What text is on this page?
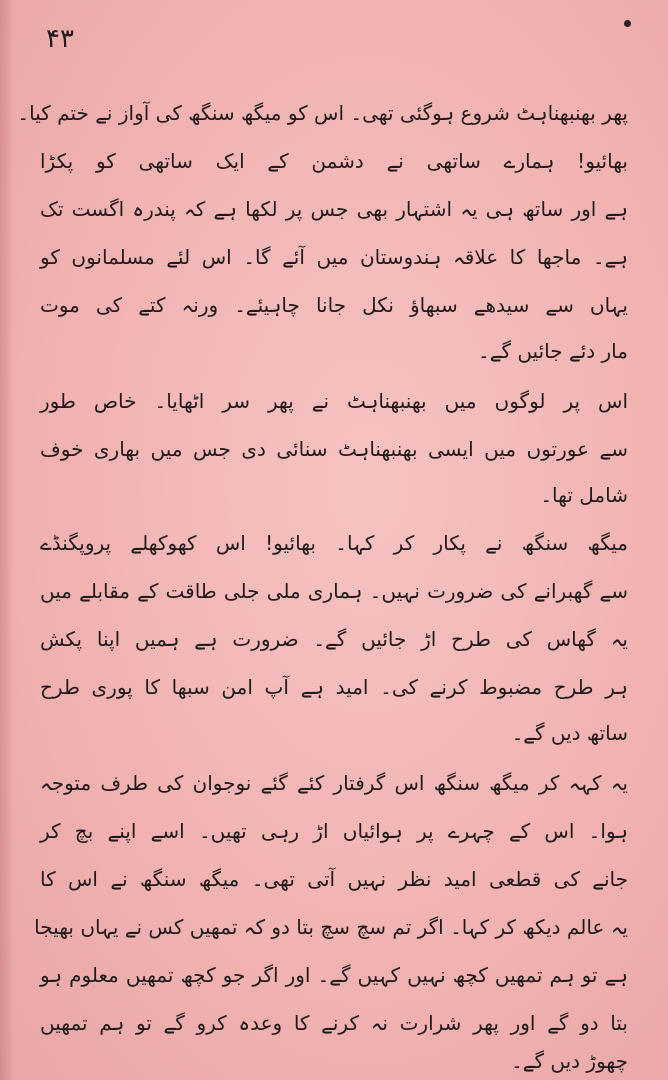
۴۳
پھر بھنبھناہٹ شروع ہوگئی تھی۔ اس کو میگھ سنگھ کی آواز نے ختم کیا۔
بھائیو! ہمارے ساتھی نے دشمن کے ایک ساتھی کو پکڑا
ہے اور ساتھ ہی یہ اشتہار بھی جس پر لکھا ہے کہ پندرہ اگست تک
ہے۔ ماجھا کا علاقہ ہندوستان میں آئے گا۔ اس لئے مسلمانوں کو
یہاں سے سیدھے سبھاؤ نکل جانا چاہیئے۔ ورنہ کتے کی موت
مار دئے جائیں گے۔
اس پر لوگوں میں بھنبھناہٹ نے پھر سر اٹھایا۔ خاص طور
سے عورتوں میں ایسی بھنبھناہٹ سنائی دی جس میں بھاری خوف
شامل تھا۔
میگھ سنگھ نے پکار کر کہا۔ بھائیو! اس کھوکھلے پروپگنڈے
سے گھبرانے کی ضرورت نہیں۔ ہماری ملی جلی طاقت کے مقابلے میں
یہ گھاس کی طرح اڑ جائیں گے۔ ضرورت ہے ہمیں اپنا پکش
ہر طرح مضبوط کرنے کی۔ امید ہے آپ امن سبھا کا پوری طرح
ساتھ دیں گے۔
یہ کہہ کر میگھ سنگھ اس گرفتار کئے گئے نوجوان کی طرف متوجہ
ہوا۔ اس کے چہرے پر ہوائیاں اڑ رہی تھیں۔ اسے اپنے بچ کر
جانے کی قطعی امید نظر نہیں آتی تھی۔ میگھ سنگھ نے اس کا
یہ عالم دیکھ کر کہا۔ اگر تم سچ سچ بتا دو کہ تمھیں کس نے یہاں بھیجا
ہے تو ہم تمھیں کچھ نہیں کہیں گے۔ اور اگر جو کچھ تمھیں معلوم ہو
بتا دو گے اور پھر شرارت نہ کرنے کا وعدہ کرو گے تو ہم تمھیں
چھوڑ دیں گے۔
